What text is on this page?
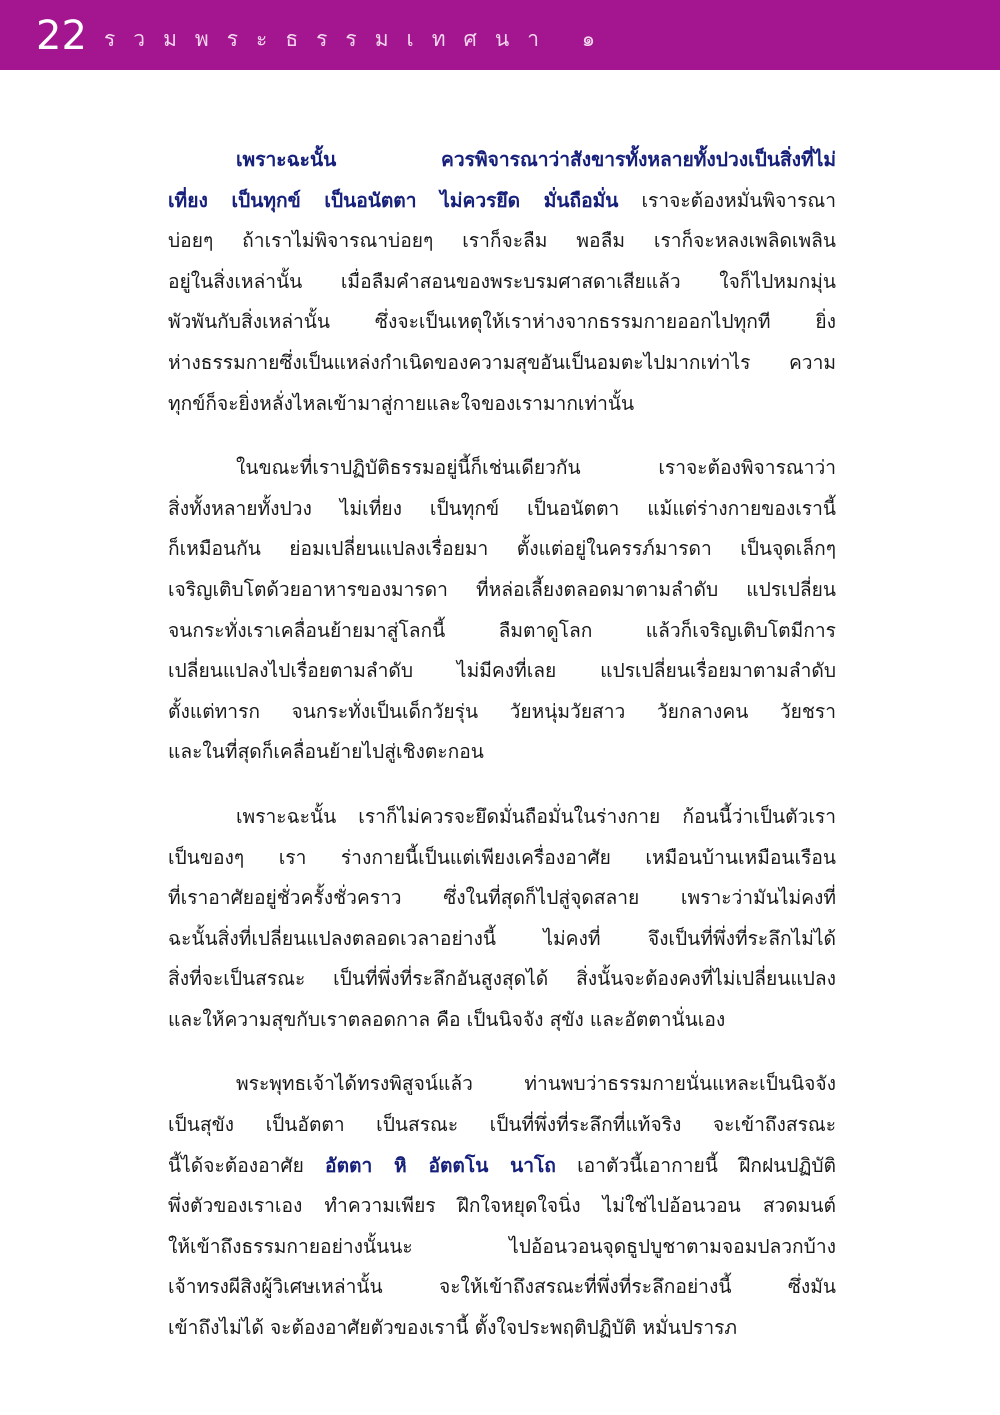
22 รวมพระธรรมเทศนา ๑
เพราะฉะนั้น ควรพิจารณาว่าสังขารทั้งหลายทั้งปวงเป็นสิ่งที่ไม่
เที่ยง เป็นทุกข์ เป็นอนัตตา ไม่ควรยึด มั่นถือมั่น เราจะต้องหมั่นพิจารณา
บ่อยๆ ถ้าเราไม่พิจารณาบ่อยๆ เราก็จะลืม พอลืม เราก็จะหลงเพลิดเพลิน
อยู่ในสิ่งเหล่านั้น เมื่อลืมคำสอนของพระบรมศาสดาเสียแล้ว ใจก็ไปหมกมุ่น
พัวพันกับสิ่งเหล่านั้น ซึ่งจะเป็นเหตุให้เราห่างจากธรรมกายออกไปทุกที ยิ่ง
ห่างธรรมกายซึ่งเป็นแหล่งกำเนิดของความสุขอันเป็นอมตะไปมากเท่าไร ความ
ทุกข์ก็จะยิ่งหลั่งไหลเข้ามาสู่กายและใจของเรามากเท่านั้น
ในขณะที่เราปฏิบัติธรรมอยู่นี้ก็เช่นเดียวกัน เราจะต้องพิจารณาว่า
สิ่งทั้งหลายทั้งปวง ไม่เที่ยง เป็นทุกข์ เป็นอนัตตา แม้แต่ร่างกายของเรานี้
ก็เหมือนกัน ย่อมเปลี่ยนแปลงเรื่อยมา ตั้งแต่อยู่ในครรภ์มารดา เป็นจุดเล็กๆ
เจริญเติบโตด้วยอาหารของมารดา ที่หล่อเลี้ยงตลอดมาตามลำดับ แปรเปลี่ยน
จนกระทั่งเราเคลื่อนย้ายมาสู่โลกนี้ ลืมตาดูโลก แล้วก็เจริญเติบโตมีการ
เปลี่ยนแปลงไปเรื่อยตามลำดับ ไม่มีคงที่เลย แปรเปลี่ยนเรื่อยมาตามลำดับ
ตั้งแต่ทารก จนกระทั่งเป็นเด็กวัยรุ่น วัยหนุ่มวัยสาว วัยกลางคน วัยชรา
และในที่สุดก็เคลื่อนย้ายไปสู่เชิงตะกอน
เพราะฉะนั้น เราก็ไม่ควรจะยึดมั่นถือมั่นในร่างกาย ก้อนนี้ว่าเป็นตัวเรา
เป็นของๆ เรา ร่างกายนี้เป็นแต่เพียงเครื่องอาศัย เหมือนบ้านเหมือนเรือน
ที่เราอาศัยอยู่ชั่วครั้งชั่วคราว ซึ่งในที่สุดก็ไปสู่จุดสลาย เพราะว่ามันไม่คงที่
ฉะนั้นสิ่งที่เปลี่ยนแปลงตลอดเวลาอย่างนี้ ไม่คงที่ จึงเป็นที่พึ่งที่ระลึกไม่ได้
สิ่งที่จะเป็นสรณะ เป็นที่พึ่งที่ระลึกอันสูงสุดได้ สิ่งนั้นจะต้องคงที่ไม่เปลี่ยนแปลง
และให้ความสุขกับเราตลอดกาล คือ เป็นนิจจัง สุขัง และอัตตานั่นเอง
พระพุทธเจ้าได้ทรงพิสูจน์แล้ว ท่านพบว่าธรรมกายนั่นแหละเป็นนิจจัง
เป็นสุขัง เป็นอัตตา เป็นสรณะ เป็นที่พึ่งที่ระลึกที่แท้จริง จะเข้าถึงสรณะ
นี้ได้จะต้องอาศัย อัตตา หิ อัตตโน นาโถ เอาตัวนี้เอากายนี้ ฝึกฝนปฏิบัติ
พึ่งตัวของเราเอง ทำความเพียร ฝึกใจหยุดใจนิ่ง ไม่ใช่ไปอ้อนวอน สวดมนต์
ให้เข้าถึงธรรมกายอย่างนั้นนะ ไปอ้อนวอนจุดธูปบูชาตามจอมปลวกบ้าง
เจ้าทรงผีสิงผู้วิเศษเหล่านั้น จะให้เข้าถึงสรณะที่พึ่งที่ระลึกอย่างนี้ ซึ่งมัน
เข้าถึงไม่ได้ จะต้องอาศัยตัวของเรานี้ ตั้งใจประพฤติปฏิบัติ หมั่นปรารภ
